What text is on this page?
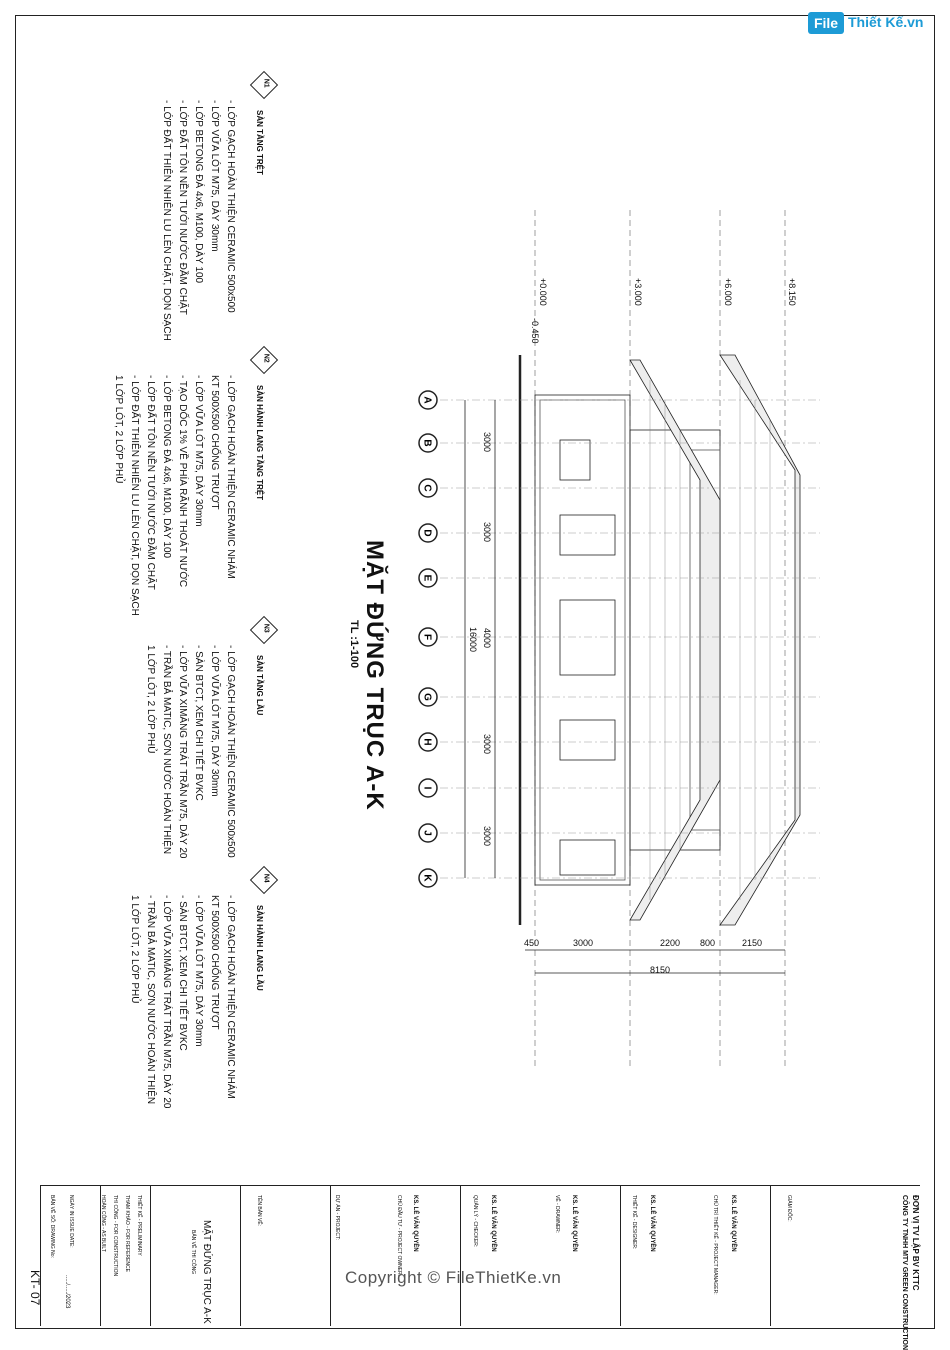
File Thiết Kế.vn
N1
SÀN TẦNG TRỆT
- LỚP GẠCH HOÀN THIỆN CERAMIC 500x500
- LỚP VỮA LÓT M75, DÀY 30mm
- LỚP BETONG ĐÁ 4x6, M100, DÀY 100
- LỚP ĐẤT TÔN NỀN TƯỚI NƯỚC ĐẦM CHẶT
- LỚP ĐẤT THIÊN NHIÊN LU LÈN CHẶT, DỌN SẠCH
N2
SÀN HÀNH LANG TẦNG TRỆT
- LỚP GẠCH HOÀN THIỆN CERAMIC NHÁM
KT 500X500 CHỐNG TRƯỢT
- LỚP VỮA LÓT M75, DÀY 30mm
- TẠO DỐC 1% VỀ PHÍA RÃNH THOÁT NƯỚC
- LỚP BETONG ĐÁ 4x6, M100, DÀY 100
- LỚP ĐẤT TÔN NỀN TƯỚI NƯỚC ĐẦM CHẶT
- LỚP ĐẤT THIÊN NHIÊN LU LÈN CHẶT, DỌN SẠCH
1 LỚP LÓT, 2 LỚP PHỦ
N3
SÀN TẦNG LẦU
- LỚP GẠCH HOÀN THIỆN CERAMIC 500x500
- LỚP VỮA LÓT M75, DÀY 30mm
- SÀN BTCT, XEM CHI TIẾT BVKC
- LỚP VỮA XIMĂNG TRÁT TRẦN M75, DÀY 20
- TRẦN BẢ MATIC, SƠN NƯỚC HOÀN THIỆN
1 LỚP LÓT, 2 LỚP PHỦ
N4
SÀN HÀNH LANG LẦU
- LỚP GẠCH HOÀN THIỆN CERAMIC NHÁM
KT 500X500 CHỐNG TRƯỢT
- LỚP VỮA LÓT M75, DÀY 30mm
- SÀN BTCT, XEM CHI TIẾT BVKC
- LỚP VỮA XIMĂNG TRÁT TRẦN M75, DÀY 20
- TRẦN BẢ MATIC, SƠN NƯỚC HOÀN THIỆN
1 LỚP LÓT, 2 LỚP PHỦ
A
B
C
D
E
F
G
H
I
J
K
+0.000
-0.450
+3.000	+6.000	+8.150
3000
3000
4000
3000
3000
16000
450	3000	2200 800	2150
8150
MẶT ĐỨNG TRỤC A-K
TL :1-100
ĐƠN VỊ TV LẬP BV KTTC
CÔNG TY TNHH MTV GREEN CONSTRUCTION
GIÁM ĐỐC:
KS. LÊ VĂN QUYỀN
CHỦ TRÌ THIẾT KẾ - PROJECT MANAGER:
KS. LÊ VĂN QUYỀN
THIẾT KẾ - DESIGNER:
KS. LÊ VĂN QUYỀN
VẼ - DRAWNER:
KS. LÊ VĂN QUYỀN
QUẢN LÝ - CHECKER:
KS. LÊ VĂN QUYỀN
CHỦ ĐẦU TƯ - PROJECT OWNER:
DỰ ÁN - PROJECT:
TÊN BẢN VẼ:
MẶT ĐỨNG TRỤC A-K
BẢN VẼ THI CÔNG
THIẾT KẾ - PRELIMINARY
THAM KHẢO - FOR REFERENCE
THI CÔNG - FOR CONSTRUCTION
HOÀN CÔNG - AS BUILT
NGÀY IN ISSUE DATE:
...../...../2023
BẢN VẼ SỐ: DRAWING No:
KT- 07	Copyright © FileThietKe.vn
